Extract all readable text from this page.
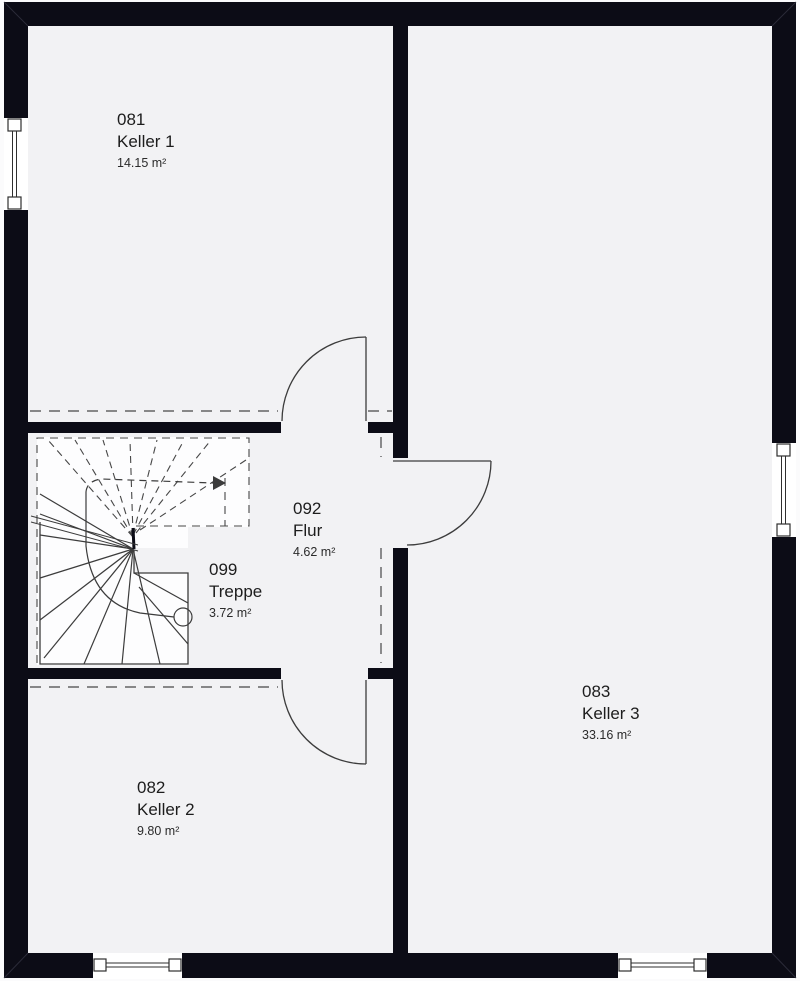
081
Keller 1
14.15 m²
092
Flur
4.62 m²
099
Treppe
3.72 m²
082
Keller 2
9.80 m²
083
Keller 3
33.16 m²
